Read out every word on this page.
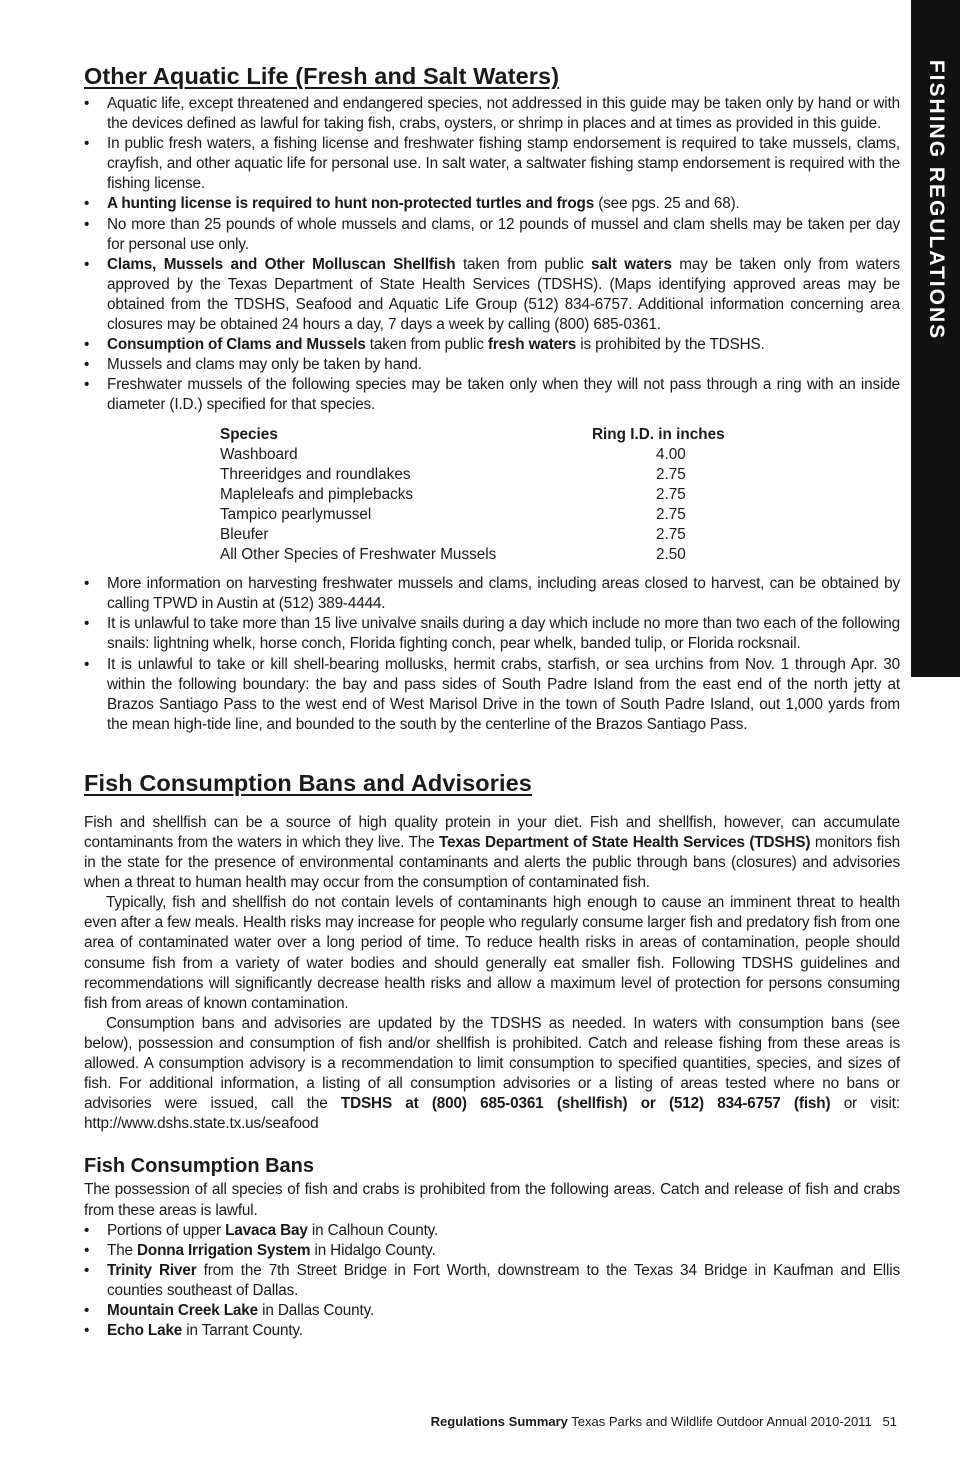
FISHING REGULATIONS
Other Aquatic Life (Fresh and Salt Waters)
• Aquatic life, except threatened and endangered species, not addressed in this guide may be taken only by hand or with the devices defined as lawful for taking fish, crabs, oysters, or shrimp in places and at times as provided in this guide.
• In public fresh waters, a fishing license and freshwater fishing stamp endorsement is required to take mussels, clams, crayfish, and other aquatic life for personal use. In salt water, a saltwater fishing stamp endorsement is required with the fishing license.
• A hunting license is required to hunt non-protected turtles and frogs (see pgs. 25 and 68).
• No more than 25 pounds of whole mussels and clams, or 12 pounds of mussel and clam shells may be taken per day for personal use only.
• Clams, Mussels and Other Molluscan Shellfish taken from public salt waters may be taken only from waters approved by the Texas Department of State Health Services (TDSHS). (Maps identifying approved areas may be obtained from the TDSHS, Seafood and Aquatic Life Group (512) 834-6757. Additional information concerning area closures may be obtained 24 hours a day, 7 days a week by calling (800) 685-0361.
• Consumption of Clams and Mussels taken from public fresh waters is prohibited by the TDSHS.
• Mussels and clams may only be taken by hand.
• Freshwater mussels of the following species may be taken only when they will not pass through a ring with an inside diameter (I.D.) specified for that species.
Species	Ring I.D. in inches
Washboard	4.00
Threeridges and roundlakes	2.75
Mapleleafs and pimplebacks	2.75
Tampico pearlymussel	2.75
Bleufer	2.75
All Other Species of Freshwater Mussels	2.50
• More information on harvesting freshwater mussels and clams, including areas closed to harvest, can be obtained by calling TPWD in Austin at (512) 389-4444.
• It is unlawful to take more than 15 live univalve snails during a day which include no more than two each of the following snails: lightning whelk, horse conch, Florida fighting conch, pear whelk, banded tulip, or Florida rocksnail.
• It is unlawful to take or kill shell-bearing mollusks, hermit crabs, starfish, or sea urchins from Nov. 1 through Apr. 30 within the following boundary: the bay and pass sides of South Padre Island from the east end of the north jetty at Brazos Santiago Pass to the west end of West Marisol Drive in the town of South Padre Island, out 1,000 yards from the mean high-tide line, and bounded to the south by the centerline of the Brazos Santiago Pass.
Fish Consumption Bans and Advisories

Fish and shellfish can be a source of high quality protein in your diet. Fish and shellfish, however, can accumulate contaminants from the waters in which they live. The Texas Department of State Health Services (TDSHS) monitors fish in the state for the presence of environmental contaminants and alerts the public through bans (closures) and advisories when a threat to human health may occur from the consumption of contaminated fish.

Typically, fish and shellfish do not contain levels of contaminants high enough to cause an imminent threat to health even after a few meals. Health risks may increase for people who regularly consume larger fish and predatory fish from one area of contaminated water over a long period of time. To reduce health risks in areas of contamination, people should consume fish from a variety of water bodies and should generally eat smaller fish. Following TDSHS guidelines and recommendations will significantly decrease health risks and allow a maximum level of protection for persons consuming fish from areas of known contamination.

Consumption bans and advisories are updated by the TDSHS as needed. In waters with consumption bans (see below), possession and consumption of fish and/or shellfish is prohibited. Catch and release fishing from these areas is allowed. A consumption advisory is a recommendation to limit consumption to specified quantities, species, and sizes of fish. For additional information, a listing of all consumption advisories or a listing of areas tested where no bans or advisories were issued, call the TDSHS at (800) 685-0361 (shellfish) or (512) 834-6757 (fish) or visit: http://www.dshs.state.tx.us/seafood

Fish Consumption Bans

The possession of all species of fish and crabs is prohibited from the following areas. Catch and release of fish and crabs from these areas is lawful.

• Portions of upper Lavaca Bay in Calhoun County.
• The Donna Irrigation System in Hidalgo County.
• Trinity River from the 7th Street Bridge in Fort Worth, downstream to the Texas 34 Bridge in Kaufman and Ellis counties southeast of Dallas.
• Mountain Creek Lake in Dallas County.
• Echo Lake in Tarrant County.
Regulations Summary Texas Parks and Wildlife Outdoor Annual 2010-2011 51
